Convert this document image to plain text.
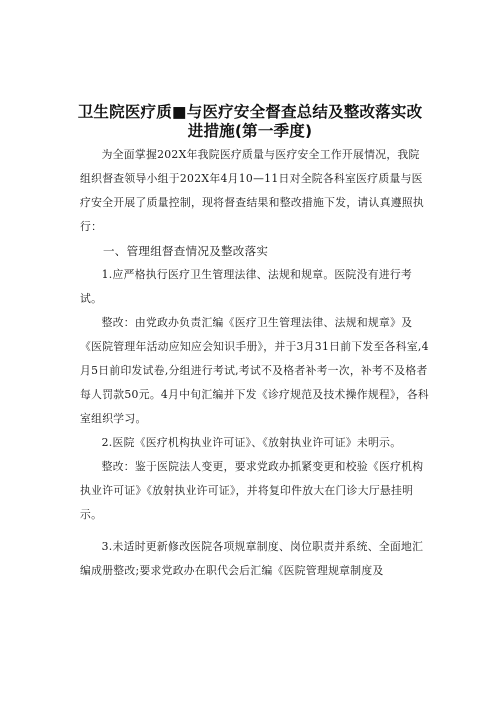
卫生院医疗质■与医疗安全督查总结及整改落实改
进措施(第一季度)

为全面掌握202X年我院医疗质量与医疗安全工作开展情况，我院组织督查领导小组于202X年4月10—11日对全院各科室医疗质量与医疗安全开展了质量控制，现将督查结果和整改措施下发，请认真遵照执行：

一、管理组督查情况及整改落实

1.应严格执行医疗卫生管理法律、法规和规章。医院没有进行考试。

整改：由党政办负责汇编《医疗卫生管理法律、法规和规章》及《医院管理年活动应知应会知识手册》，并于3月31日前下发至各科室,4月5日前印发试卷,分组进行考试,考试不及格者补考一次，补考不及格者每人罚款50元。4月中旬汇编并下发《诊疗规范及技术操作规程》，各科室组织学习。

2.医院《医疗机构执业许可证》、《放射执业许可证》未明示。

整改：鉴于医院法人变更，要求党政办抓紧变更和校验《医疗机构执业许可证》《放射执业许可证》，并将复印件放大在门诊大厅悬挂明示。

3.未适时更新修改医院各项规章制度、岗位职责并系统、全面地汇编成册整改;要求党政办在职代会后汇编《医院管理规章制度及
